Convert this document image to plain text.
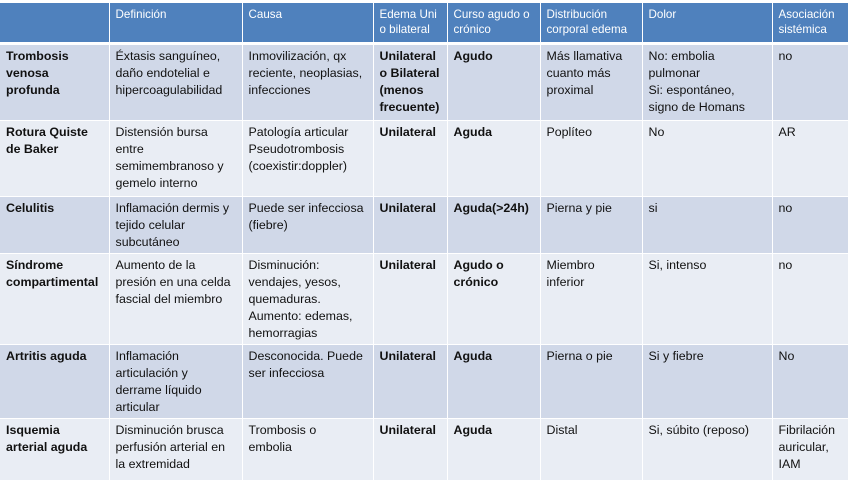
	Definición	Causa	Edema Uni o bilateral	Curso agudo o crónico	Distribución corporal edema	Dolor	Asociación sistémica

Trombosis
venosa
profunda	Éxtasis sanguíneo,
daño endotelial e
hipercoagulabilidad	Inmovilización, qx
reciente, neoplasias,
infecciones	Unilateral
o Bilateral
(menos
frecuente)	Agudo	Más llamativa
cuanto más
proximal	No: embolia
pulmonar
Si: espontáneo,
signo de Homans	no

Rotura Quiste
de Baker	Distensión bursa
entre
semimembranoso y
gemelo interno	Patología articular
Pseudotrombosis
(coexistir:doppler)	Unilateral	Aguda	Poplíteo	No	AR

Celulitis	Inflamación dermis y
tejido celular
subcutáneo	Puede ser infecciosa
(fiebre)	Unilateral	Aguda(>24h)	Pierna y pie	si	no

Síndrome
compartimental	Aumento de la
presión en una celda
fascial del miembro	Disminución:
vendajes, yesos,
quemaduras.
Aumento: edemas,
hemorragias	Unilateral	Agudo o
crónico	Miembro
inferior	Si, intenso	no

Artritis aguda	Inflamación
articulación y
derrame líquido
articular	Desconocida. Puede
ser infecciosa	Unilateral	Aguda	Pierna o pie	Si y fiebre	No

Isquemia
arterial aguda	Disminución brusca
perfusión arterial en
la extremidad	Trombosis o
embolia	Unilateral	Aguda	Distal	Si, súbito (reposo)	Fibrilación
auricular,
IAM
